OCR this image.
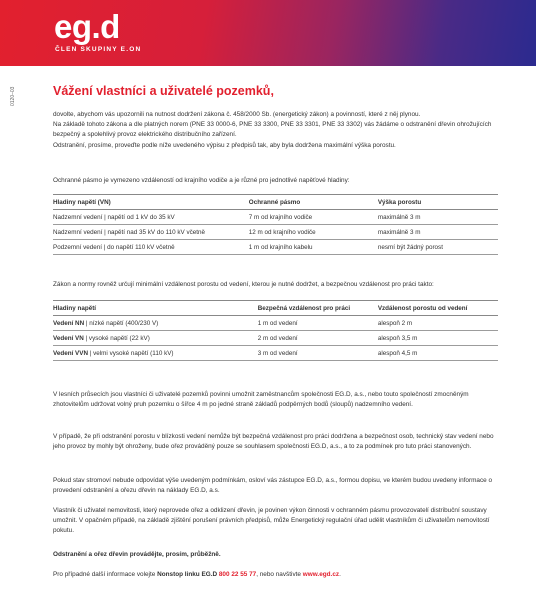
eg.d
ČLEN SKUPINY E.ON
0120–03	Vážení vlastníci a uživatelé pozemků,

dovolte, abychom vás upozornili na nutnost dodržení zákona č. 458/2000 Sb. (energetický zákon) a povinností, které z něj plynou.

Na základě tohoto zákona a dle platných norem (PNE 33 0000-6, PNE 33 3300, PNE 33 3301, PNE 33 3302) vás žádáme o odstranění dřevin ohrožujících bezpečný a spolehlivý provoz elektrického distribučního zařízení.

Odstranění, prosíme, proveďte podle níže uvedeného výpisu z předpisů tak, aby byla dodržena maximální výška porostu.

Ochranné pásmo je vymezeno vzdáleností od krajního vodiče a je různé pro jednotlivé napěťové hladiny:
Hladiny napětí (VN)	Ochranné pásmo	Výška porostu
Nadzemní vedení | napětí od 1 kV do 35 kV	7 m od krajního vodiče	maximálně 3 m
Nadzemní vedení | napětí nad 35 kV do 110 kV včetně	12 m od krajního vodiče	maximálně 3 m
Podzemní vedení | do napětí 110 kV včetně	1 m od krajního kabelu	nesmí být žádný porost
Zákon a normy rovněž určují minimální vzdálenost porostu od vedení, kterou je nutné dodržet, a bezpečnou vzdálenost pro práci takto:
Hladiny napětí	Bezpečná vzdálenost pro práci	Vzdálenost porostu od vedení
Vedení NN | nízké napětí (400/230 V)	1 m od vedení	alespoň 2 m
Vedení VN | vysoké napětí (22 kV)	2 m od vedení	alespoň 3,5 m
Vedení VVN | velmi vysoké napětí (110 kV)	3 m od vedení	alespoň 4,5 m
V lesních průsecích jsou vlastníci či uživatelé pozemků povinni umožnit zaměstnancům společnosti EG.D, a.s., nebo touto společností zmocněným zhotovitelům udržovat volný pruh pozemku o šířce 4 m po jedné straně základů podpěrných bodů (sloupů) nadzemního vedení.
V případě, že při odstranění porostu v blízkosti vedení nemůže být bezpečná vzdálenost pro práci dodržena a bezpečnost osob, technický stav vedení nebo jeho provoz by mohly být ohroženy, bude ořez prováděný pouze se souhlasem společnosti EG.D, a.s., a to za podmínek pro tuto práci stanovených.
Pokud stav stromoví nebude odpovídat výše uvedeným podmínkám, osloví vás zástupce EG.D, a.s., formou dopisu, ve kterém budou uvedeny informace o provedení odstranění a ořezu dřevin na náklady EG.D, a.s.
Vlastník či uživatel nemovitosti, který neprovede ořez a odklizení dřevin, je povinen výkon činnosti v ochranném pásmu provozovatelí distribuční soustavy umožnit. V opačném případě, na základě zjištění porušení právních předpisů, může Energetický regulační úřad udělit vlastníkům či uživatelům nemovitostí pokutu.
Odstranění a ořez dřevin provádějte, prosím, průběžně.
Pro případné další informace volejte Nonstop linku EG.D 800 22 55 77, nebo navštivte www.egd.cz.
